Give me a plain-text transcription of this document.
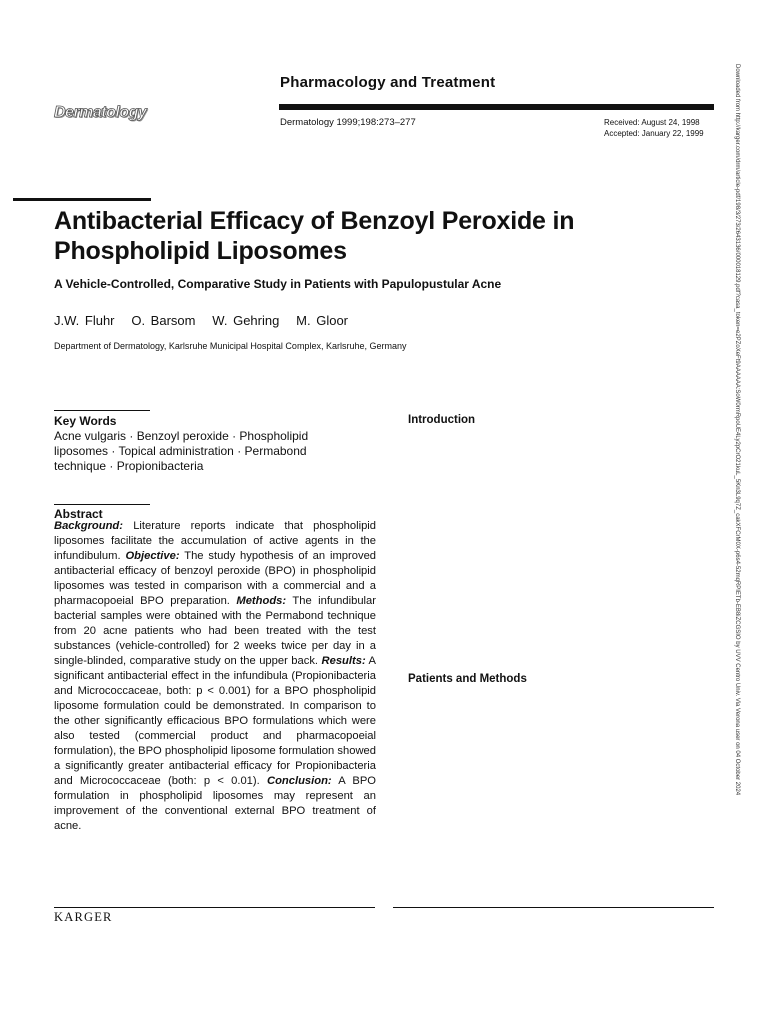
Dermatology
Pharmacology and Treatment
Dermatology 1999;198:273–277	Received: August 24, 1998
Accepted: January 22, 1999
Antibacterial Efficacy of Benzoyl Peroxide in Phospholipid Liposomes
A Vehicle-Controlled, Comparative Study in Patients with Papulopustular Acne
J.W. Fluhr   O. Barsom   W. Gehring   M. Gloor
Department of Dermatology, Karlsruhe Municipal Hospital Complex, Karlsruhe, Germany
Key Words
Acne vulgaris · Benzoyl peroxide · Phospholipid liposomes · Topical administration · Permabond technique · Propionibacteria
Abstract
Background: Literature reports indicate that phospholipid liposomes facilitate the accumulation of active agents in the infundibulum. Objective: The study hypothesis of an improved antibacterial efficacy of benzoyl peroxide (BPO) in phospholipid liposomes was tested in comparison with a commercial and a pharmacopoeial BPO preparation. Methods: The infundibular bacterial samples were obtained with the Permabond technique from 20 acne patients who had been treated with the test substances (vehicle-controlled) for 2 weeks twice per day in a single-blinded, comparative study on the upper back. Results: A significant antibacterial effect in the infundibula (Propionibacteria and Micrococcaceae, both: p < 0.001) for a BPO phospholipid liposome formulation could be demonstrated. In comparison to the other significantly efficacious BPO formulations which were also tested (commercial product and pharmacopoeial formulation), the BPO phospholipid liposome formulation showed a significantly greater antibacterial efficacy for Propionibacteria and Micrococcaceae (both: p < 0.01). Conclusion: A BPO formulation in phospholipid liposomes may represent an improvement of the conventional external BPO treatment of acne.
Introduction
Patients and Methods
KARGER
Downloaded from http://karger.com/drm/article-pdf/198/3/273/2643136/000018129.pdf?casa_token=e2PZoXeFt9AAAAAA:SoW0rmRpoUE4Ly2pCrO21kuL_5Kn3L9q7Z_cakXFCrM0X-p6s4-52mqRPIETb-EB8iZCGSIO by UVV Centro Univ. Via Verona user on 04 October 2024
